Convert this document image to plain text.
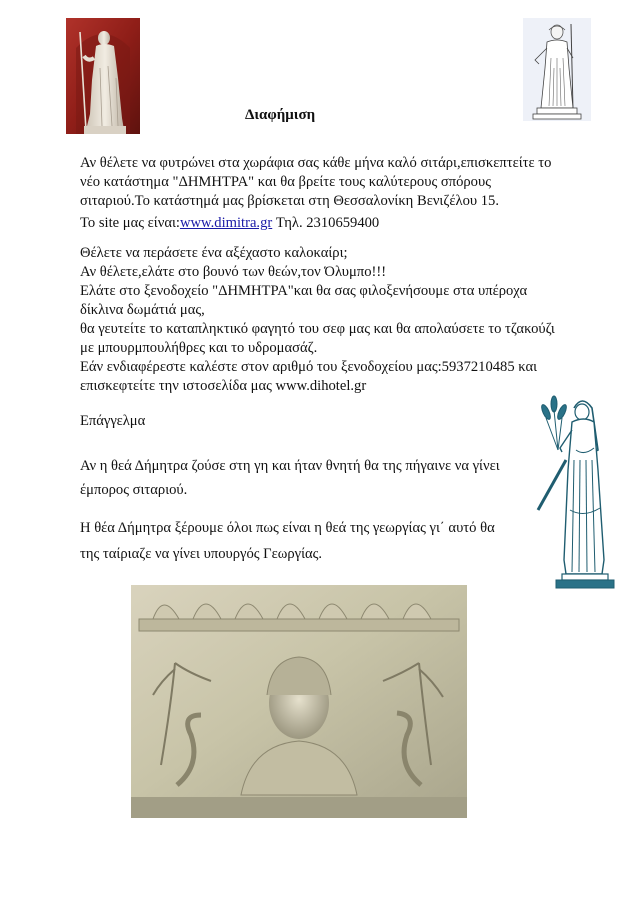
Διαφήμιση
Αν θέλετε να φυτρώνει στα χωράφια σας κάθε μήνα καλό σιτάρι,επισκεπτείτε το
νέο κατάστημα "ΔΗΜΗΤΡΑ" και θα βρείτε τους καλύτερους σπόρους
σιταριού.Το κατάστημά μας βρίσκεται στη Θεσσαλονίκη Βενιζέλου 15.
Το site μας είναι:www.dimitra.gr Τηλ. 2310659400
Θέλετε να περάσετε ένα αξέχαστο καλοκαίρι;
Αν θέλετε,ελάτε στο βουνό των θεών,τον Όλυμπο!!!
Ελάτε στο ξενοδοχείο "ΔΗΜΗΤΡΑ"και θα σας φιλοξενήσουμε στα υπέροχα
δίκλινα δωμάτιά μας,
θα γευτείτε το καταπληκτικό φαγητό του σεφ μας και θα απολαύσετε το τζακούζι
με μπουρμπουλήθρες και το υδρομασάζ.
Εάν ενδιαφέρεστε καλέστε στον αριθμό του ξενοδοχείου μας:5937210485 και
επισκεφτείτε την ιστοσελίδα μας www.dihotel.gr
Επάγγελμα
Αν η θεά Δήμητρα ζούσε στη γη και ήταν θνητή θα της πήγαινε να γίνει
έμπορος σιταριού.
Η θέα Δήμητρα ξέρουμε όλοι πως είναι η θεά της γεωργίας γι΄ αυτό θα
της ταίριαζε να γίνει υπουργός Γεωργίας.
